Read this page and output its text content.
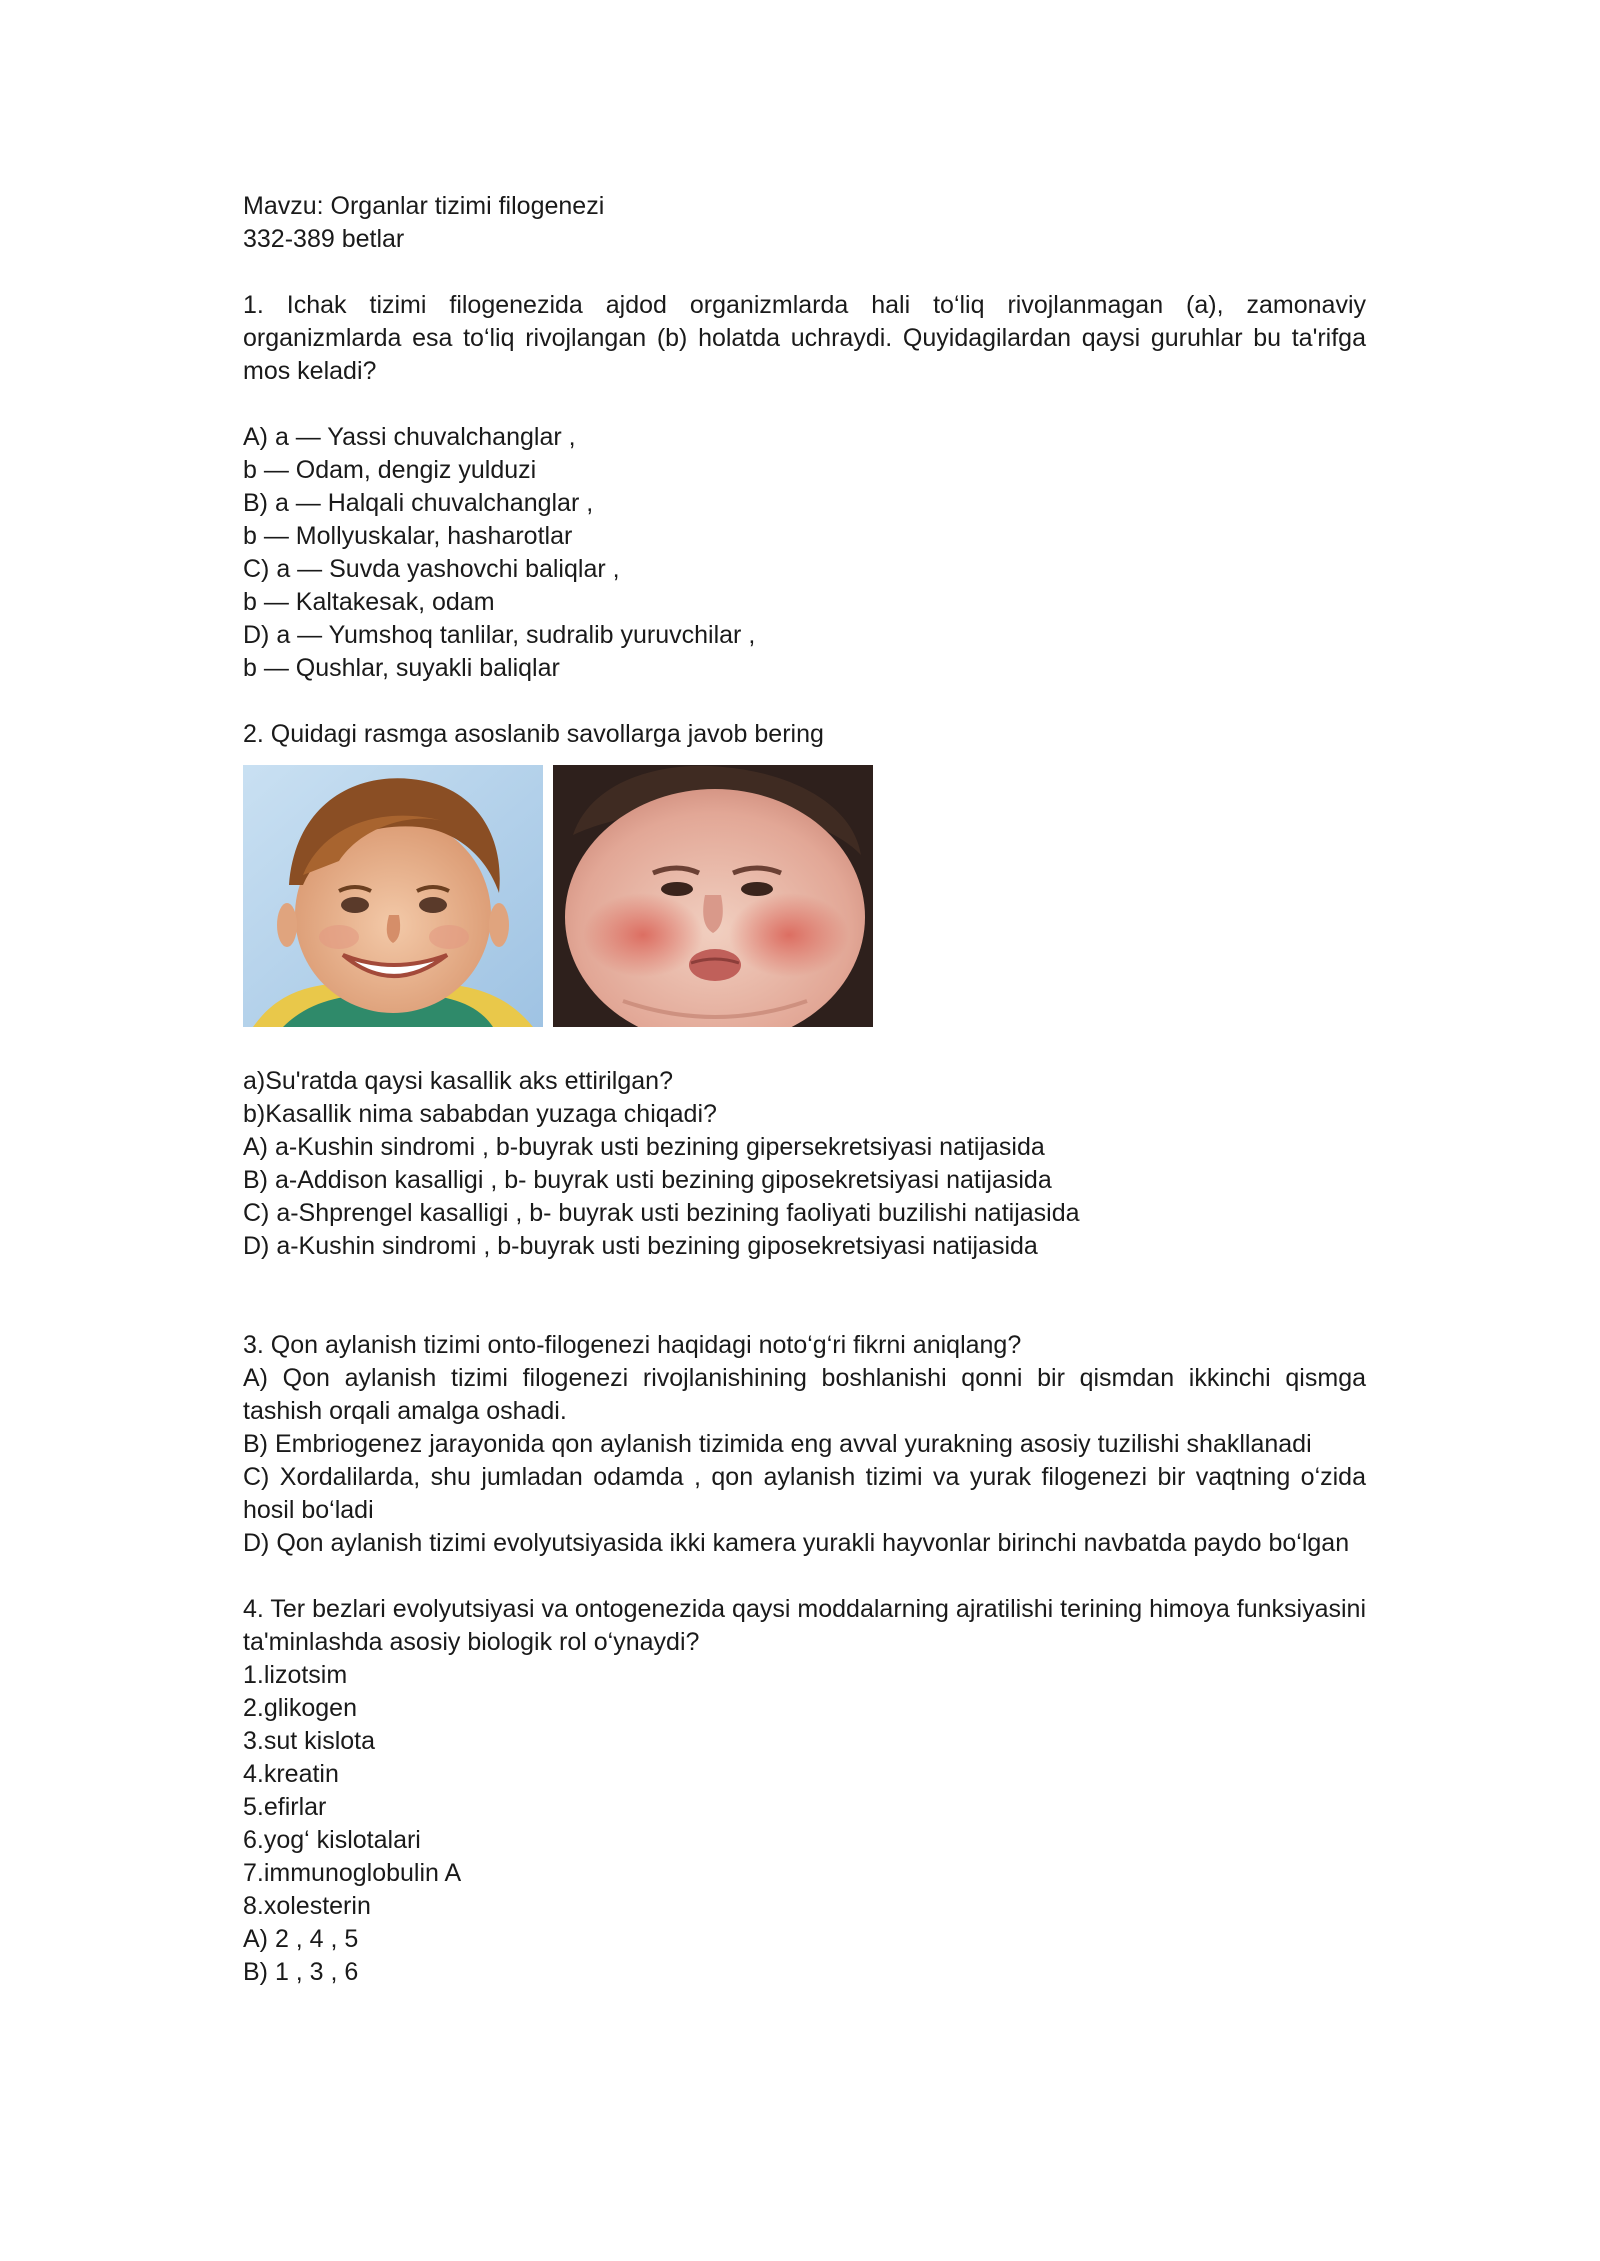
Mavzu: Organlar tizimi filogenezi

332-389 betlar

1. Ichak tizimi filogenezida ajdod organizmlarda hali to‘liq rivojlanmagan (a), zamonaviy organizmlarda esa to‘liq rivojlangan (b) holatda uchraydi. Quyidagilardan qaysi guruhlar bu ta'rifga mos keladi?

A) a — Yassi chuvalchanglar ,

b — Odam, dengiz yulduzi

B) a — Halqali chuvalchanglar ,

b — Mollyuskalar, hasharotlar

C) a — Suvda yashovchi baliqlar ,

b — Kaltakesak, odam

D) a — Yumshoq tanlilar, sudralib yuruvchilar ,

b — Qushlar, suyakli baliqlar

2. Quidagi rasmga asoslanib savollarga javob bering

a)Su'ratda qaysi kasallik aks ettirilgan?

b)Kasallik nima sababdan yuzaga chiqadi?

A) a-Kushin sindromi , b-buyrak usti bezining gipersekretsiyasi natijasida

B) a-Addison kasalligi , b- buyrak usti bezining giposekretsiyasi natijasida

C) a-Shprengel kasalligi , b- buyrak usti bezining faoliyati buzilishi natijasida

D) a-Kushin sindromi , b-buyrak usti bezining giposekretsiyasi natijasida

3. Qon aylanish tizimi onto-filogenezi haqidagi noto‘g‘ri fikrni aniqlang?

A) Qon aylanish tizimi filogenezi rivojlanishining boshlanishi qonni bir qismdan ikkinchi qismga tashish orqali amalga oshadi.

B) Embriogenez jarayonida qon aylanish tizimida eng avval yurakning asosiy tuzilishi shakllanadi

C) Xordalilarda, shu jumladan odamda , qon aylanish tizimi va yurak filogenezi bir vaqtning o‘zida hosil bo‘ladi

D) Qon aylanish tizimi evolyutsiyasida ikki kamera yurakli hayvonlar birinchi navbatda paydo bo‘lgan

4. Ter bezlari evolyutsiyasi va ontogenezida qaysi moddalarning ajratilishi terining himoya funksiyasini ta'minlashda asosiy biologik rol o‘ynaydi?

1.lizotsim

2.glikogen

3.sut kislota

4.kreatin

5.efirlar

6.yog‘ kislotalari

7.immunoglobulin A

8.xolesterin

A) 2 , 4 , 5

B) 1 , 3 , 6
